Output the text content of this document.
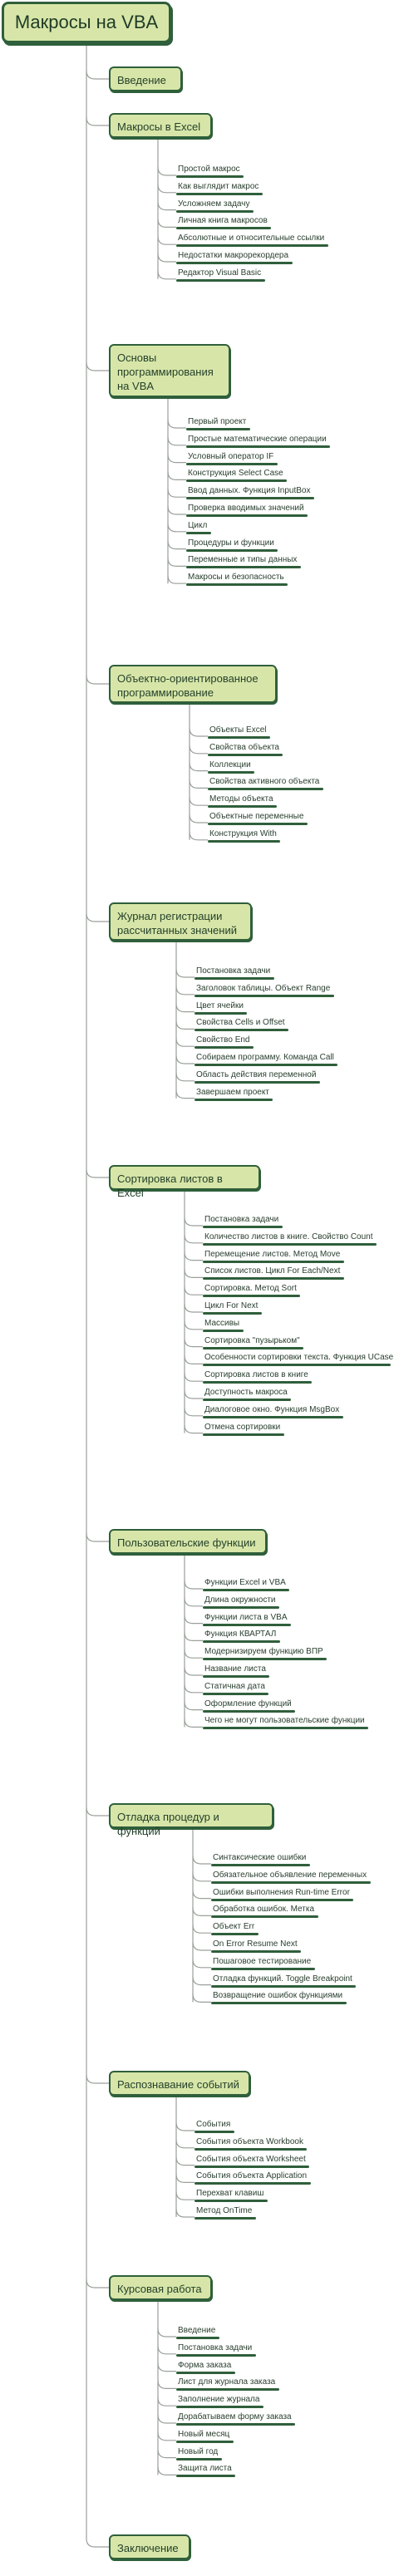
Макросы на VBA
Введение
Макросы в Excel
Простой макрос
Как выглядит макрос
Усложняем задачу
Личная книга макросов
Абсолютные и относительные ссылки
Недостатки макрорекордера
Редактор Visual Basic
Основы программирования на VBA
Первый проект
Простые математические операции
Условный оператор IF
Конструкция Select Case
Ввод данных. Функция InputBox
Проверка вводимых значений
Цикл
Процедуры и функции
Переменные и типы данных
Макросы и безопасность
Объектно-ориентированное программирование
Объекты Excel
Свойства объекта
Коллекции
Свойства активного объекта
Методы объекта
Объектные переменные
Конструкция With
Журнал регистрации рассчитанных значений
Постановка задачи
Заголовок таблицы. Объект Range
Цвет ячейки
Свойства Cells и Offset
Свойство End
Собираем программу. Команда Call
Область действия переменной
Завершаем проект
Сортировка листов в Excel
Постановка задачи
Количество листов в книге. Свойство Count
Перемещение листов. Метод Move
Список листов. Цикл For Each/Next
Сортировка. Метод Sort
Цикл For Next
Массивы
Сортировка "пузырьком"
Особенности сортировки текста. Функция UCase
Сортировка листов в книге
Доступность макроса
Диалоговое окно. Функция MsgBox
Отмена сортировки
Пользовательские функции
Функции Excel и VBA
Длина окружности
Функции листа в VBA
Функция КВАРТАЛ
Модернизируем функцию ВПР
Название листа
Статичная дата
Оформление функций
Чего не могут пользовательские функции
Отладка процедур и функций
Синтаксические ошибки
Обязательное объявление переменных
Ошибки выполнения Run-time Error
Обработка ошибок. Метка
Объект Err
On Error Resume Next
Пошаговое тестирование
Отладка функций. Toggle Breakpoint
Возвращение ошибок функциями
Распознавание событий
События
События объекта Workbook
События объекта Worksheet
События объекта Application
Перехват клавиш
Метод OnTime
Курсовая работа
Введение
Постановка задачи
Форма заказа
Лист для журнала заказа
Заполнение журнала
Дорабатываем форму заказа
Новый месяц
Новый год
Защита листа
Заключение
